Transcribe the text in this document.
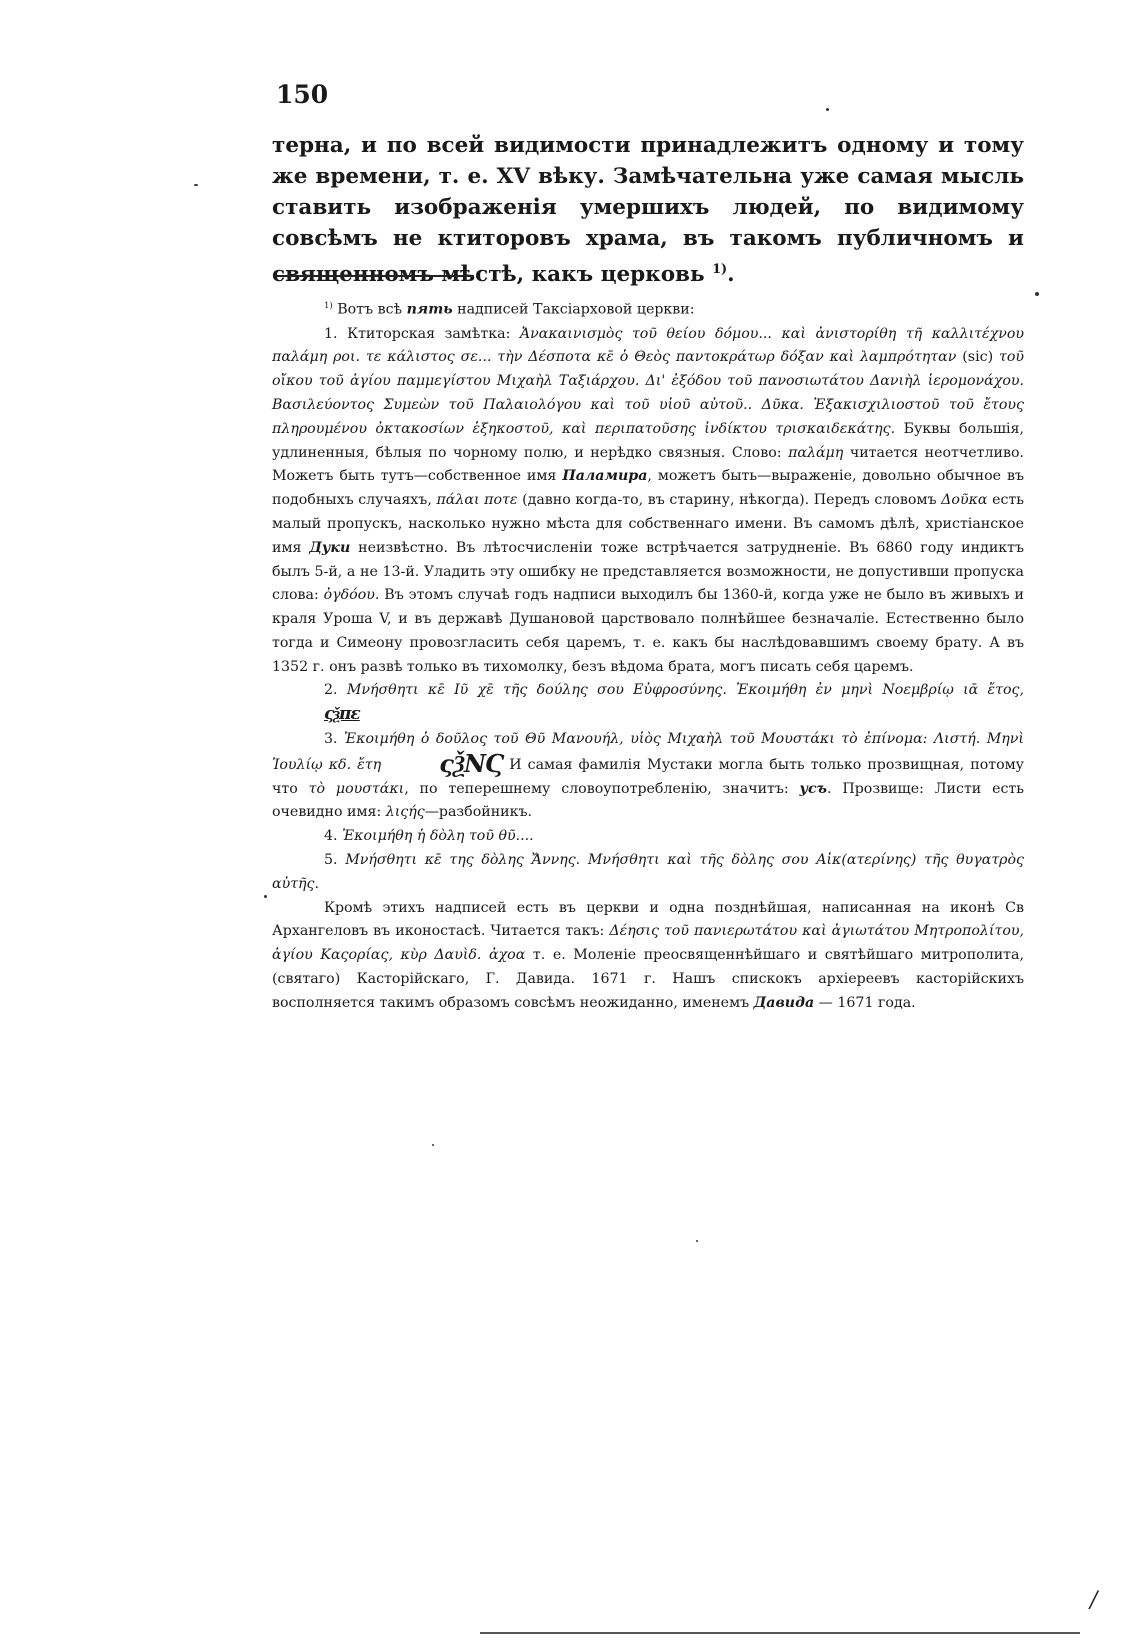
150

терна, и по всей видимости принадлежитъ одному и тому же времени, т. е. XV вѣку. Замѣчательна уже самая мысль ставить изображенія умершихъ людей, по видимому совсѣмъ не ктиторовъ храма, въ такомъ публичномъ и священномъ мѣстѣ, какъ церковь $^{1)}$.

$^{1)}$ Вотъ всѣ пять надписей Таксіарховой церкви:

1. Ктиторская замѣтка: Ἀνακαινισμὸς τοῦ θείου δόμου... καὶ ἀνιστορίθη τῆ καλλιτέχνου παλάμη ροι. τε κάλιστος σε... τὴν Δέσποτα κε̄ ὁ Θεὸς παντοκράτωρ δόξαν καὶ λαμπρότηταν (sic) τοῦ οἴκου τοῦ ἁγίου παμμεγίστου Μιχαὴλ Ταξιάρχου. Δι' ἐξόδου τοῦ πανοσιωτάτου Δανιὴλ ἱερομονάχου. Βασιλεύοντος Συμεὼν τοῦ Παλαιολόγου καὶ τοῦ υἱοῦ αὐτοῦ.. Δῦκα. Ἐξακισχιλιοστοῦ τοῦ ἔτους πληρουμένου ὀκτακοσίων ἑξηκοστοῦ, καὶ περιπατοῦσης ἰνδίκτου τρισκαιδεκάτης. Буквы большія, удлиненныя, бѣлыя по чорному полю, и нерѣдко связныя. Слово: παλάμη читается неотчетливо. Можетъ быть тутъ—собственное имя Паламира, можетъ быть—выраженіе, довольно обычное въ подобныхъ случаяхъ, πάλαι ποτε (давно когда-то, въ старину, нѣкогда). Передъ словомъ Δοῦκα есть малый пропускъ, насколько нужно мѣста для собственнаго имени. Въ самомъ дѣлѣ, христіанское имя Дуки неизвѣстно. Въ лѣтосчисленіи тоже встрѣчается затрудненіе. Въ 6860 году индиктъ былъ 5-й, а не 13-й. Уладить эту ошибку не представляется возможности, не допустивши пропуска слова: ὀγδόου. Въ этомъ случаѣ годъ надписи выходилъ бы 1360-й, когда уже не было въ живыхъ и краля Уроша V, и въ державѣ Душановой царствовало полнѣйшее безначаліе. Естественно было тогда и Симеону провозгласить себя царемъ, т. е. какъ бы наслѣдовавшимъ своему брату. А въ 1352 г. онъ развѣ только въ тихомолку, безъ вѣдома брата, могъ писать себя царемъ.

2. Μνήσθητι κε̄ Ιῦ χε̄ τῆς δούλης σου Εὐφροσύνης. Ἐκοιμήθη ἐν μηνὶ Νοεμβρίῳ ιᾱ ἔτος, ςѯπε

3. Ἐκοιμήθη ὁ δοῦλος τοῦ Θῦ Μανουήλ, υἱὸς Μιχαὴλ τοῦ Μουστάκι τὸ ἐπίνομα: Λιστή. Μηνὶ Ἰουλίῳ κδ. ἔτη ςѮΝϚ И самая фамилія Мустаки могла быть только прозвищная, потому что τὸ μουστάκι, по теперешнему словоупотребленію, значитъ: усъ. Прозвище: Листи есть очевидно имя: λιςής—разбойникъ.

4. Ἐκοιμήθη ἡ δὸλη τοῦ θῦ....

5. Μνήσθητι κε̄ της δὸλης Ἄννης. Μνήσθητι καὶ τῆς δὸλης σου Αἰκ(ατερίνης) τῆς θυγατρὸς αὐτῆς.

Кромѣ этихъ надписей есть въ церкви и одна позднѣйшая, написанная на иконѣ Св Архангеловъ въ иконостасѣ. Читается такъ: Δέησις τοῦ πανιερωτάτου καὶ ἁγιωτάτου Μητροπολίτου, ἁγίου Καςορίας, κὺρ Δαυὶδ. ἀχοα т. е. Моленіе преосвященнѣйшаго и святѣйшаго митрополита, (святаго) Касторійскаго, Г. Давида. 1671 г. Нашъ спискокъ архіереевъ касторійскихъ восполняется такимъ образомъ совсѣмъ неожиданно, именемъ Давида — 1671 года.

/
